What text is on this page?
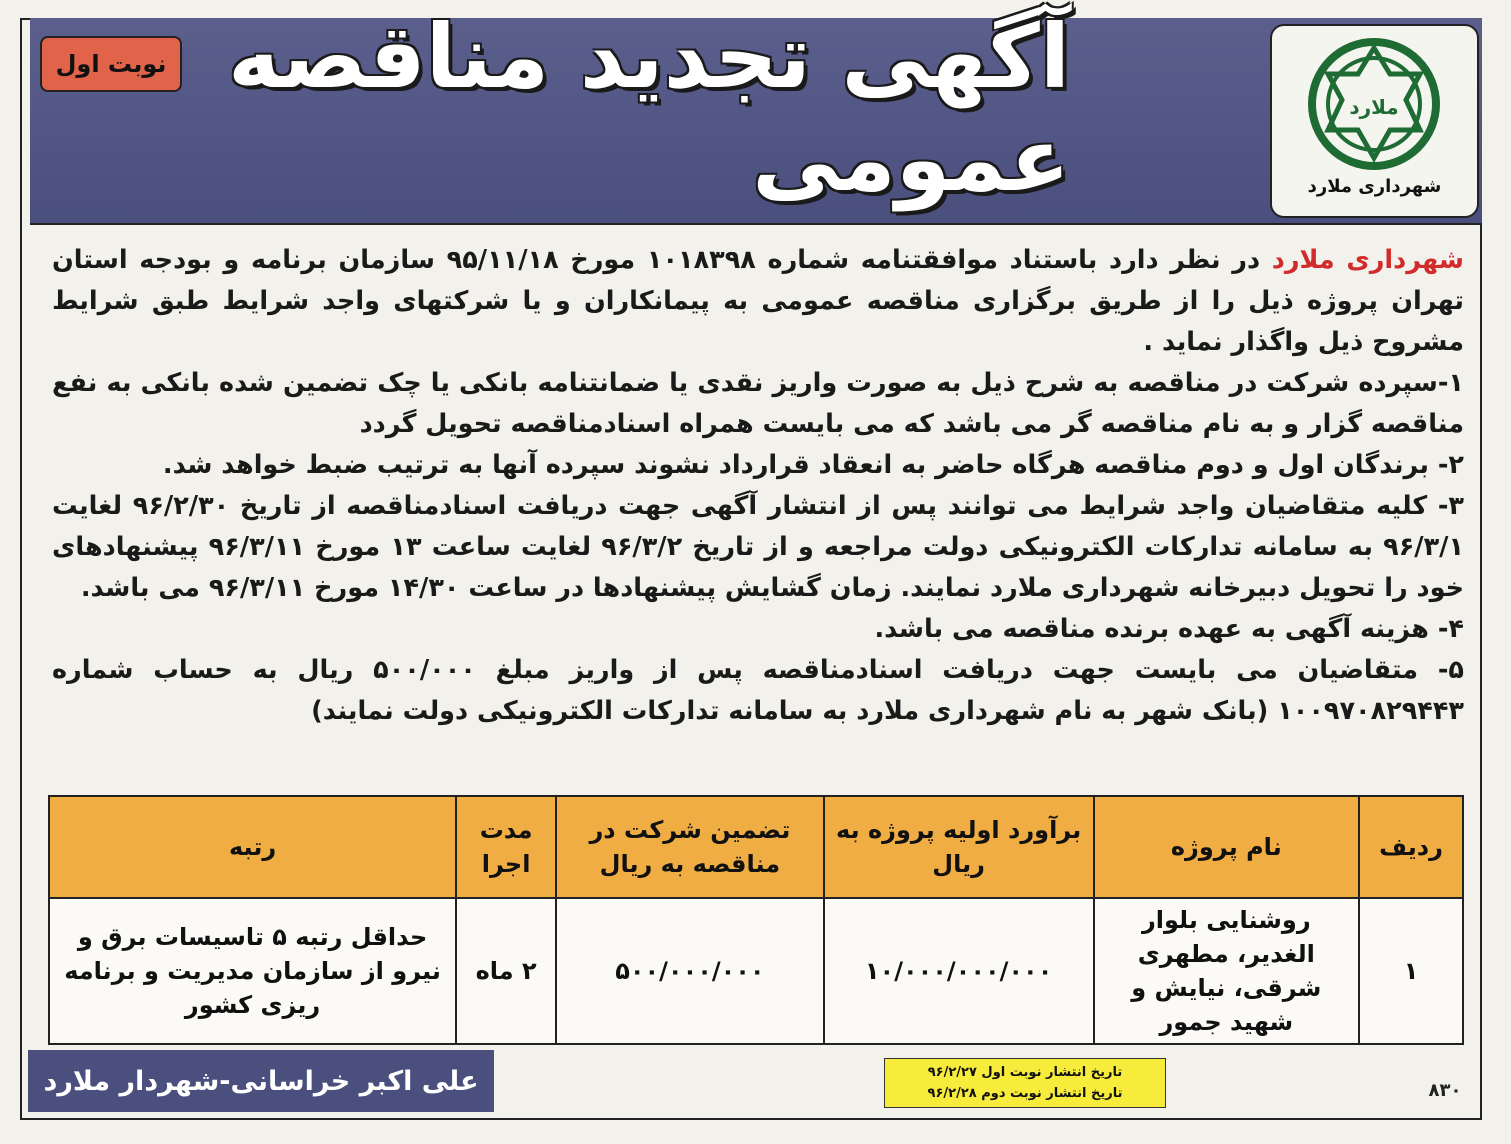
ملارد
شهرداری ملارد
آگهی تجدید مناقصه عمومی
نوبت اول

شهرداری ملارد در نظر دارد باستناد موافقتنامه شماره ۱۰۱۸۳۹۸ مورخ ۹۵/۱۱/۱۸ سازمان برنامه و بودجه استان تهران پروژه ذیل را از طریق برگزاری مناقصه عمومی به پیمانکاران و یا شرکتهای واجد شرایط طبق شرایط مشروح ذیل واگذار نماید .

۱-سپرده شرکت در مناقصه به شرح ذیل به صورت واریز نقدی یا ضمانتنامه بانکی یا چک تضمین شده بانکی به نفع مناقصه گزار و به نام مناقصه گر می باشد که می بایست همراه اسنادمناقصه تحویل گردد

۲- برندگان اول و دوم مناقصه هرگاه حاضر به انعقاد قرارداد نشوند سپرده آنها به ترتیب ضبط خواهد شد.

۳- کلیه متقاضیان واجد شرایط می توانند پس از انتشار آگهی جهت دریافت اسنادمناقصه از تاریخ ۹۶/۲/۳۰ لغایت ۹۶/۳/۱ به سامانه تدارکات الکترونیکی دولت مراجعه و از تاریخ ۹۶/۳/۲ لغایت ساعت ۱۳ مورخ ۹۶/۳/۱۱ پیشنهادهای خود را تحویل دبیرخانه شهرداری ملارد نمایند. زمان گشایش پیشنهادها در ساعت ۱۴/۳۰ مورخ ۹۶/۳/۱۱ می باشد.

۴- هزینه آگهی به عهده برنده مناقصه می باشد.

۵- متقاضیان می بایست جهت دریافت اسنادمناقصه پس از واریز مبلغ ۵۰۰/۰۰۰ ریال به حساب شماره ۱۰۰۹۷۰۸۲۹۴۴۳ (بانک شهر به نام شهرداری ملارد به سامانه تدارکات الکترونیکی دولت نمایند)

ردیف	نام پروژه	برآورد اولیه پروژه به ریال	تضمین شرکت در مناقصه به ریال	مدت اجرا	رتبه
۱	روشنایی بلوار الغدیر، مطهری شرقی، نیایش و شهید جمور	۱۰/۰۰۰/۰۰۰/۰۰۰	۵۰۰/۰۰۰/۰۰۰	۲ ماه	حداقل رتبه ۵ تاسیسات برق و نیرو از سازمان مدیریت و برنامه ریزی کشور
علی اکبر خراسانی-شهردار ملارد	تاریخ انتشار نوبت اول ۹۶/۲/۲۷
تاریخ انتشار نوبت دوم ۹۶/۲/۲۸	۸۳۰
